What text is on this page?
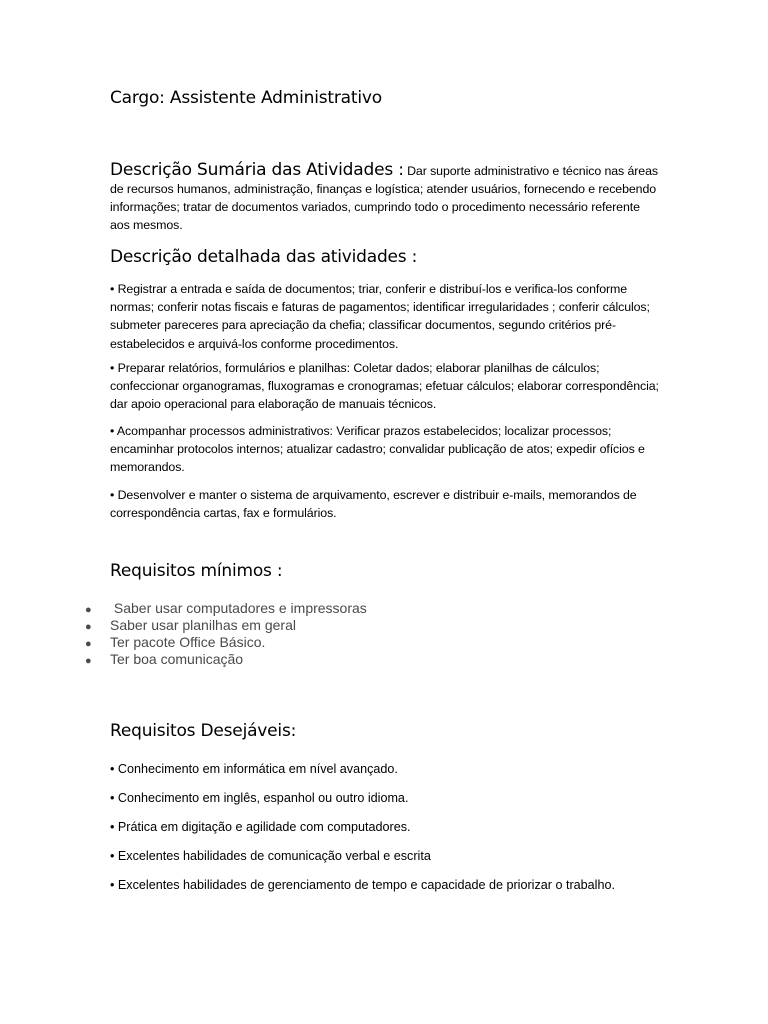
Cargo: Assistente Administrativo
Descrição Sumária das Atividades : Dar suporte administrativo e técnico nas áreas de recursos humanos, administração, finanças e logística; atender usuários, fornecendo e recebendo informações; tratar de documentos variados, cumprindo todo o procedimento necessário referente aos mesmos.
Descrição detalhada das atividades :

• Registrar a entrada e saída de documentos; triar, conferir e distribuí-los e verifica-los conforme normas; conferir notas fiscais e faturas de pagamentos; identificar irregularidades ; conferir cálculos; submeter pareceres para apreciação da chefia; classificar documentos, segundo critérios pré-estabelecidos e arquivá-los conforme procedimentos.

• Preparar relatórios, formulários e planilhas: Coletar dados; elaborar planilhas de cálculos; confeccionar organogramas, fluxogramas e cronogramas; efetuar cálculos; elaborar correspondência; dar apoio operacional para elaboração de manuais técnicos.

• Acompanhar processos administrativos: Verificar prazos estabelecidos; localizar processos; encaminhar protocolos internos; atualizar cadastro; convalidar publicação de atos; expedir ofícios e memorandos.

• Desenvolver e manter o sistema de arquivamento, escrever e distribuir e-mails, memorandos de correspondência cartas, fax e formulários.

Requisitos mínimos :
● Saber usar computadores e impressoras
● Saber usar planilhas em geral
● Ter pacote Office Básico.
● Ter boa comunicação
Requisitos Desejáveis:

• Conhecimento em informática em nível avançado.

• Conhecimento em inglês, espanhol ou outro idioma.

• Prática em digitação e agilidade com computadores.

• Excelentes habilidades de comunicação verbal e escrita

• Excelentes habilidades de gerenciamento de tempo e capacidade de priorizar o trabalho.
